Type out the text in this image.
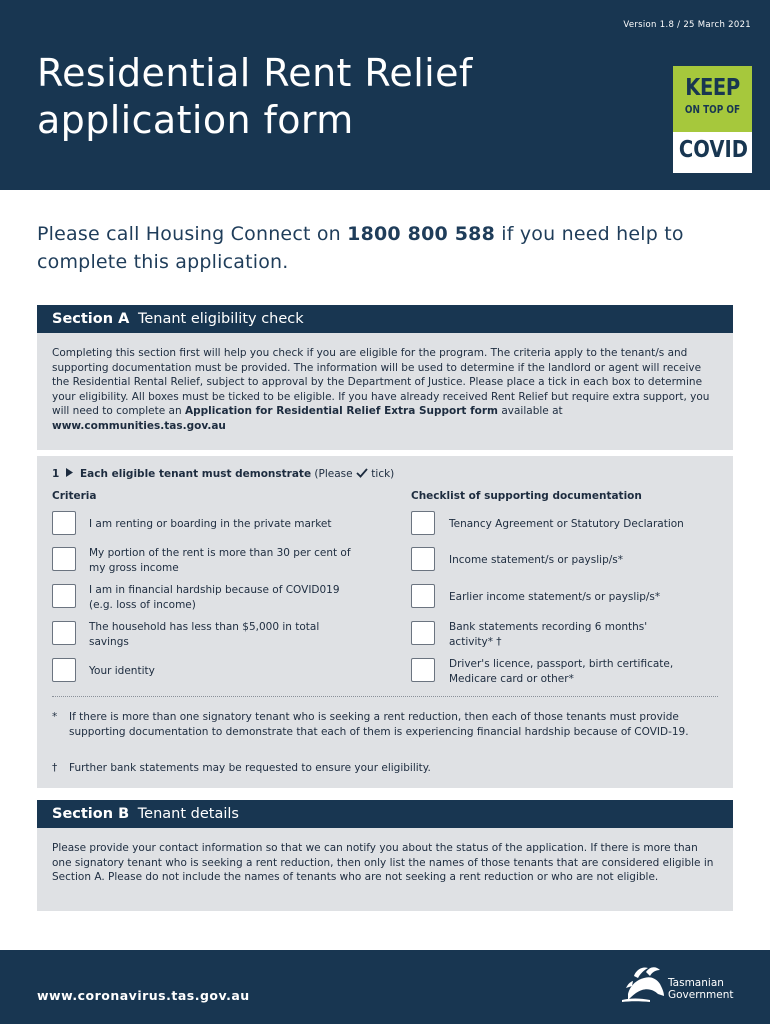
Version 1.8 / 25 March 2021
Residential Rent Relief
application form
KEEP
ON TOP OF
COVID

Please call Housing Connect on 1800 800 588 if you need help to complete this application.

Section A Tenant eligibility check

Completing this section first will help you check if you are eligible for the program. The criteria apply to the tenant/s and supporting documentation must be provided. The information will be used to determine if the landlord or agent will receive the Residential Rental Relief, subject to approval by the Department of Justice. Please place a tick in each box to determine your eligibility. All boxes must be ticked to be eligible. If you have already received Rent Relief but require extra support, you will need to complete an Application for Residential Relief Extra Support form available at www.communities.tas.gov.au

1 Each eligible tenant must demonstrate (Please tick)
Criteria	Checklist of supporting documentation
I am renting or boarding in the private market
My portion of the rent is more than 30 per cent of my gross income
I am in financial hardship because of COVID019 (e.g. loss of income)
The household has less than $5,000 in total savings
Your identity
Tenancy Agreement or Statutory Declaration
Income statement/s or payslip/s*
Earlier income statement/s or payslip/s*
Bank statements recording 6 months' activity* †
Driver's licence, passport, birth certificate, Medicare card or other*
* If there is more than one signatory tenant who is seeking a rent reduction, then each of those tenants must provide supporting documentation to demonstrate that each of them is experiencing financial hardship because of COVID-19.
† Further bank statements may be requested to ensure your eligibility.
Section B Tenant details

Please provide your contact information so that we can notify you about the status of the application. If there is more than one signatory tenant who is seeking a rent reduction, then only list the names of those tenants that are considered eligible in Section A. Please do not include the names of tenants who are not seeking a rent reduction or who are not eligible.

www.coronavirus.tas.gov.au
Tasmanian
Government
